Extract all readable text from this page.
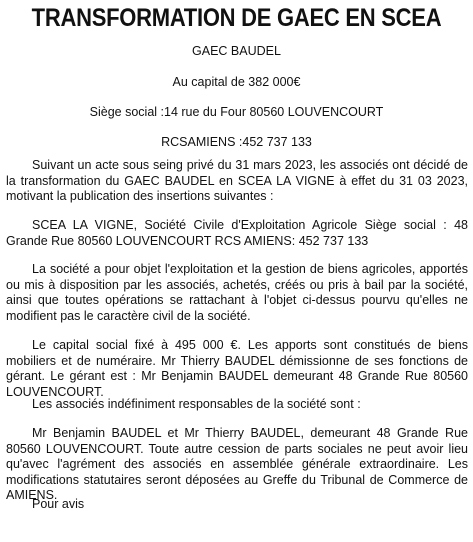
TRANSFORMATION DE GAEC EN SCEA
GAEC BAUDEL
Au capital de 382 000€
Siège social :14 rue du Four 80560 LOUVENCOURT
RCSAMIENS :452 737 133

Suivant un acte sous seing privé du 31 mars 2023, les associés ont décidé de la transformation du GAEC BAUDEL en SCEA LA VIGNE à effet du 31 03 2023, motivant la publication des insertions suivantes :

SCEA LA VIGNE, Société Civile d'Exploitation Agricole Siège social : 48 Grande Rue 80560 LOUVENCOURT RCS AMIENS: 452 737 133

La société a pour objet l'exploitation et la gestion de biens agricoles, apportés ou mis à disposition par les associés, achetés, créés ou pris à bail par la société, ainsi que toutes opérations se rattachant à l'objet ci-dessus pourvu qu'elles ne modifient pas le caractère civil de la société.

Le capital social fixé à 495 000 €. Les apports sont constitués de biens mobiliers et de numéraire. Mr Thierry BAUDEL démissionne de ses fonctions de gérant. Le gérant est : Mr Benjamin BAUDEL demeurant 48 Grande Rue 80560 LOUVENCOURT.

Les associés indéfiniment responsables de la société sont :

Mr Benjamin BAUDEL et Mr Thierry BAUDEL, demeurant 48 Grande Rue 80560 LOUVENCOURT. Toute autre cession de parts sociales ne peut avoir lieu qu'avec l'agrément des associés en assemblée générale extraordinaire. Les modifications statutaires seront déposées au Greffe du Tribunal de Commerce de AMIENS.

Pour avis
